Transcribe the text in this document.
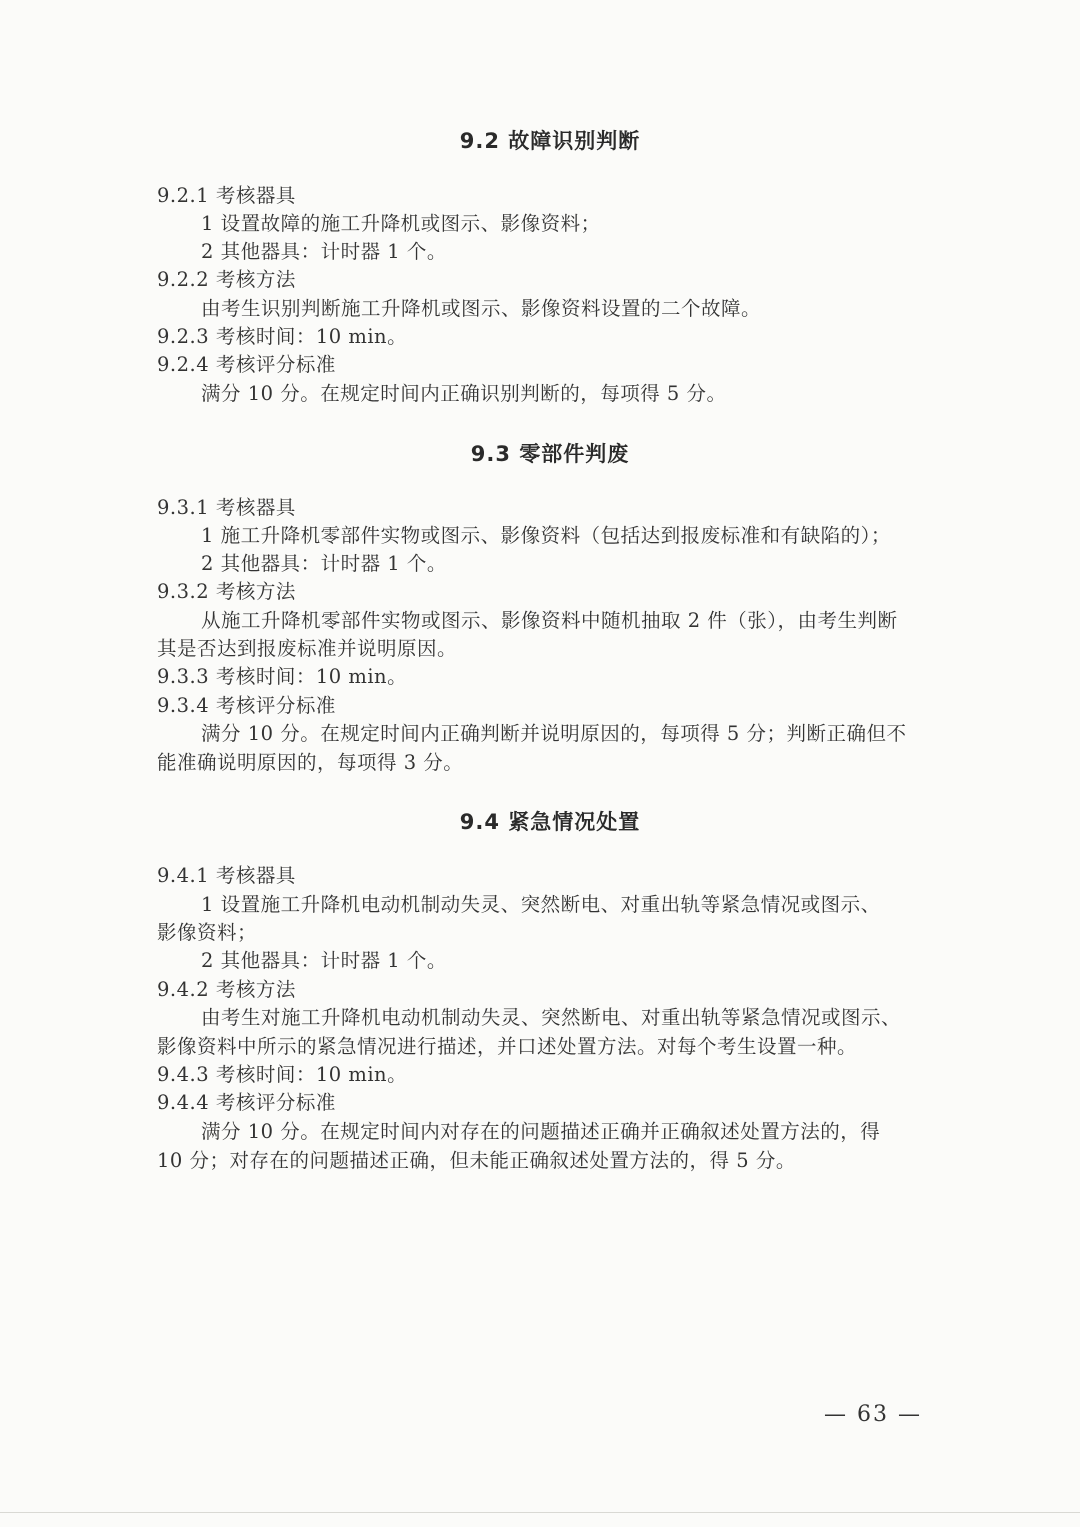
9.2 故障识别判断
9.2.1 考核器具
1 设置故障的施工升降机或图示、影像资料；
2 其他器具：计时器 1 个。
9.2.2 考核方法
由考生识别判断施工升降机或图示、影像资料设置的二个故障。
9.2.3 考核时间：10 min。
9.2.4 考核评分标准
满分 10 分。在规定时间内正确识别判断的，每项得 5 分。
9.3 零部件判废
9.3.1 考核器具
1 施工升降机零部件实物或图示、影像资料（包括达到报废标准和有缺陷的）；
2 其他器具：计时器 1 个。
9.3.2 考核方法
从施工升降机零部件实物或图示、影像资料中随机抽取 2 件（张），由考生判断
其是否达到报废标准并说明原因。
9.3.3 考核时间：10 min。
9.3.4 考核评分标准
满分 10 分。在规定时间内正确判断并说明原因的，每项得 5 分；判断正确但不
能准确说明原因的，每项得 3 分。
9.4 紧急情况处置
9.4.1 考核器具
1 设置施工升降机电动机制动失灵、突然断电、对重出轨等紧急情况或图示、
影像资料；
2 其他器具：计时器 1 个。
9.4.2 考核方法
由考生对施工升降机电动机制动失灵、突然断电、对重出轨等紧急情况或图示、
影像资料中所示的紧急情况进行描述，并口述处置方法。对每个考生设置一种。
9.4.3 考核时间：10 min。
9.4.4 考核评分标准
满分 10 分。在规定时间内对存在的问题描述正确并正确叙述处置方法的，得
10 分；对存在的问题描述正确，但未能正确叙述处置方法的，得 5 分。
— 63 —
